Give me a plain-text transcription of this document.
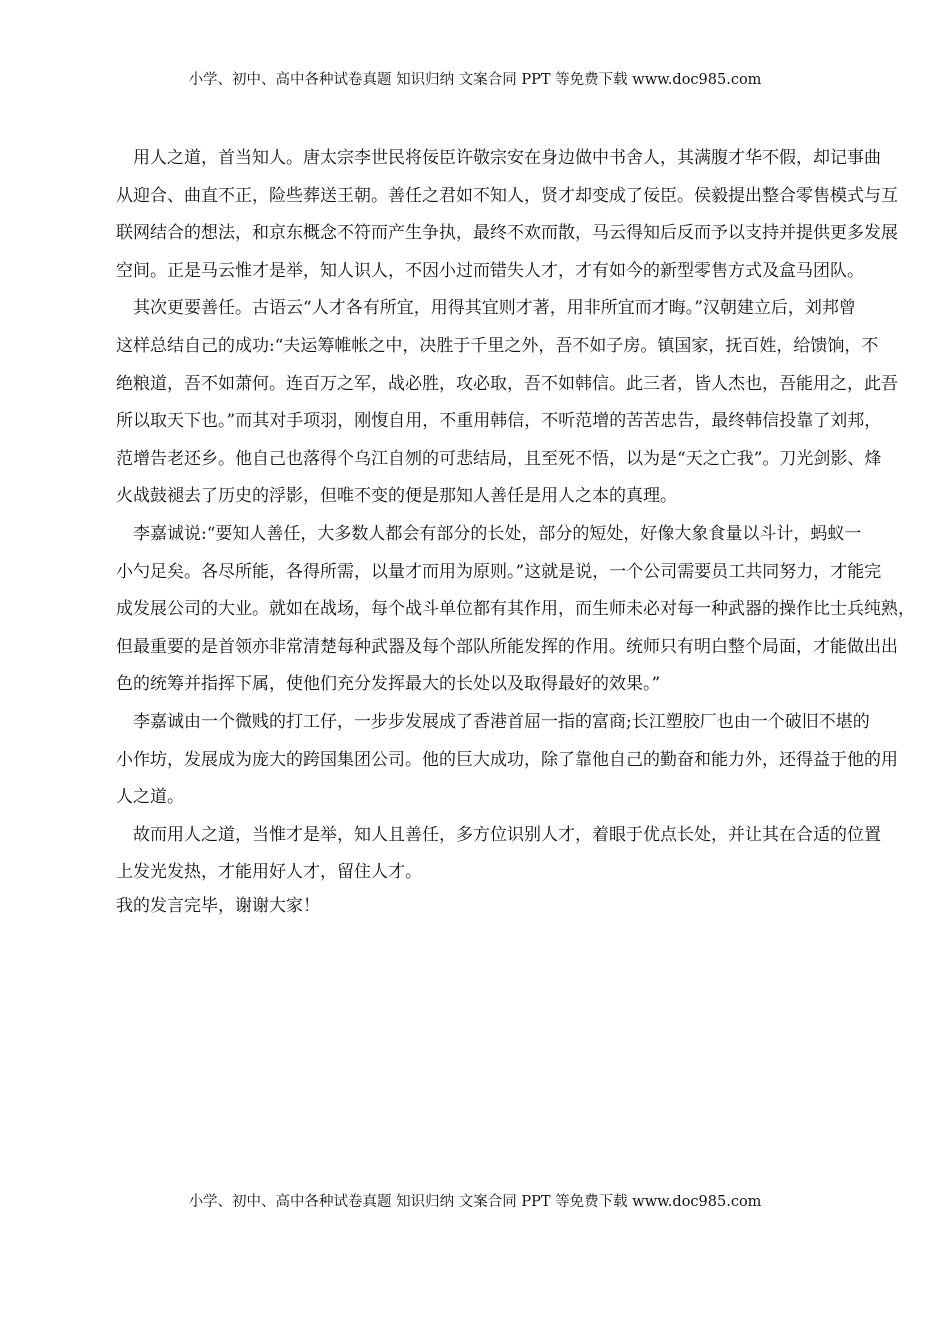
小学、初中、高中各种试卷真题 知识归纳 文案合同 PPT 等免费下载 www.doc985.com
　用人之道，首当知人。唐太宗李世民将佞臣许敬宗安在身边做中书舍人，其满腹才华不假，却记事曲
从迎合、曲直不正，险些葬送王朝。善任之君如不知人，贤才却变成了佞臣。侯毅提出整合零售模式与互
联网结合的想法，和京东概念不符而产生争执，最终不欢而散，马云得知后反而予以支持并提供更多发展
空间。正是马云惟才是举，知人识人，不因小过而错失人才，才有如今的新型零售方式及盒马团队。
　其次更要善任。古语云“人才各有所宜，用得其宜则才著，用非所宜而才晦。”汉朝建立后，刘邦曾
这样总结自己的成功:“夫运筹帷帐之中，决胜于千里之外，吾不如子房。镇国家，抚百姓，给馈饷，不
绝粮道，吾不如萧何。连百万之军，战必胜，攻必取，吾不如韩信。此三者，皆人杰也，吾能用之，此吾
所以取天下也。”而其对手项羽，刚愎自用，不重用韩信，不听范增的苦苦忠告，最终韩信投靠了刘邦，
范增告老还乡。他自己也落得个乌江自刎的可悲结局，且至死不悟，以为是“天之亡我”。刀光剑影、烽
火战鼓褪去了历史的浮影，但唯不变的便是那知人善任是用人之本的真理。
　李嘉诚说:“要知人善任，大多数人都会有部分的长处，部分的短处，好像大象食量以斗计，蚂蚁一
小勺足矣。各尽所能，各得所需，以量才而用为原则。”这就是说，一个公司需要员工共同努力，才能完
成发展公司的大业。就如在战场，每个战斗单位都有其作用，而生师未必对每一种武器的操作比士兵纯熟，
但最重要的是首领亦非常清楚每种武器及每个部队所能发挥的作用。统师只有明白整个局面，才能做出出
色的统筹并指挥下属，使他们充分发挥最大的长处以及取得最好的效果。”
　李嘉诚由一个微贱的打工仔，一步步发展成了香港首屈一指的富商;长江塑胶厂也由一个破旧不堪的
小作坊，发展成为庞大的跨国集团公司。他的巨大成功，除了靠他自己的勤奋和能力外，还得益于他的用
人之道。
　故而用人之道，当惟才是举，知人且善任，多方位识别人才，着眼于优点长处，并让其在合适的位置
上发光发热，才能用好人才，留住人才。
我的发言完毕，谢谢大家！
小学、初中、高中各种试卷真题 知识归纳 文案合同 PPT 等免费下载 www.doc985.com
